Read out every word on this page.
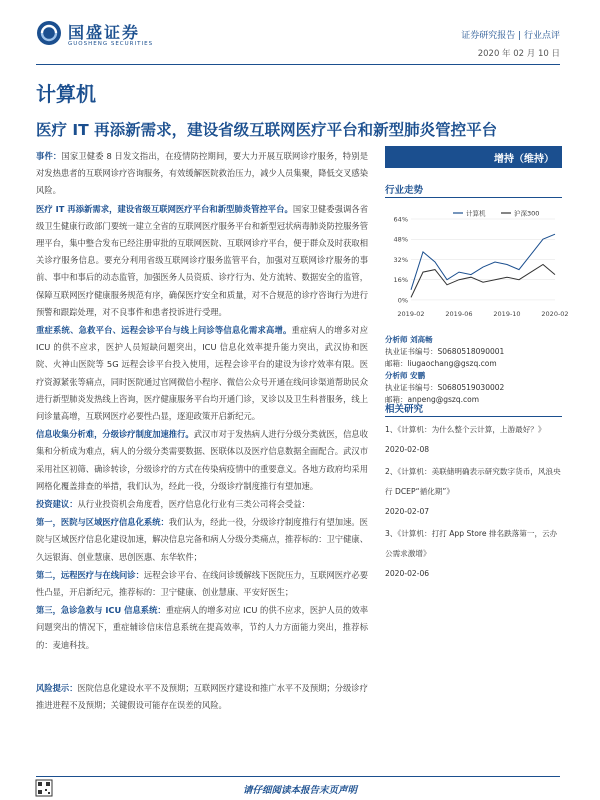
国盛证券
GUOSHENG SECURITIES
证券研究报告 | 行业点评
2020 年 02 月 10 日
计算机
医疗 IT 再添新需求，建设省级互联网医疗平台和新型肺炎管控平台

事件：国家卫健委 8 日发文指出，在疫情防控期间，要大力开展互联网诊疗服务，特别是对发热患者的互联网诊疗咨询服务，有效缓解医院救治压力，减少人员集聚，降低交叉感染风险。

医疗 IT 再添新需求，建设省级互联网医疗平台和新型肺炎管控平台。国家卫健委强调各省级卫生健康行政部门要统一建立全省的互联网医疗服务平台和新型冠状病毒肺炎防控服务管理平台，集中整合发布已经注册审批的互联网医院、互联网诊疗平台，便于群众及时获取相关诊疗服务信息。要充分利用省级互联网诊疗服务监管平台，加强对互联网诊疗服务的事前、事中和事后的动态监管，加强医务人员资质、诊疗行为、处方流转、数据安全的监管，保障互联网医疗健康服务规范有序，确保医疗安全和质量，对不合规范的诊疗咨询行为进行预警和跟踪处理，对不良事件和患者投诉进行受理。

重症系统、急救平台、远程会诊平台与线上问诊等信息化需求高增。重症病人的增多对应 ICU 的供不应求，医护人员短缺问题突出，ICU 信息化效率提升能力突出，武汉协和医院、火神山医院等 5G 远程会诊平台投入使用，远程会诊平台的建设为诊疗效率有限。医疗资源紧张等痛点，同时医院通过官网微信小程序、微信公众号开通在线问诊渠道帮助民众进行新型肺炎发热线上咨询，医疗健康服务平台均开通门诊，叉诊以及卫生科普服务，线上问诊量高增，互联网医疗必要性凸显，逐迎政策开启新纪元。

信息收集分析难，分级诊疗制度加速推行。武汉市对于发热病人进行分级分类就医，信息收集和分析成为难点，病人的分级分类需要数据、医联体以及医疗信息数据全面配合。武汉市采用社区初筛、确诊转诊，分级诊疗的方式在传染病疫情中的重要意义。各地方政府均采用网格化覆盖排查的举措，我们认为，经此一役，分级诊疗制度推行有望加速。

投资建议：从行业投资机会角度看，医疗信息化行业有三类公司将会受益：

第一，医院与区域医疗信息化系统：我们认为，经此一役，分级诊疗制度推行有望加速。医院与区域医疗信息化建设加速，解决信息完备和病人分级分类痛点，推荐标的：卫宁健康、久远银海、创业慧康、思创医惠、东华软件；

第二，远程医疗与在线问诊：远程会诊平台、在线问诊缓解线下医院压力，互联网医疗必要性凸显，开启新纪元，推荐标的：卫宁健康、创业慧康、平安好医生；

第三，急诊急救与 ICU 信息系统：重症病人的增多对应 ICU 的供不应求，医护人员的效率问题突出的情况下，重症辅诊信床信息系统在提高效率，节约人力方面能力突出，推荐标的：麦迪科技。

风险提示：医院信息化建设水平不及预期；互联网医疗建设和推广水平不及预期；分级诊疗推进进程不及预期；关键假设可能存在误差的风险。
增持（维持）
行业走势
0%
16%
32%
48%
64%
2019-02	2019-06	2019-10	2020-02
计算机	沪深300
分析师 刘高畅
执业证书编号：S0680518090001
邮箱：liugaochang@gszq.com
分析师 安鹏
执业证书编号：S0680519030002
邮箱：anpeng@gszq.com
相关研究
1、《计算机：为什么整个云计算，上游最好？》
2020-02-08
2、《计算机：美联储明确表示研究数字货币，风浪央行 DCEP“循化期”》
2020-02-07
3、《计算机：打打 App Store 排名跌落第一，云办公需求激增》
2020-02-06
请仔细阅读本报告末页声明
